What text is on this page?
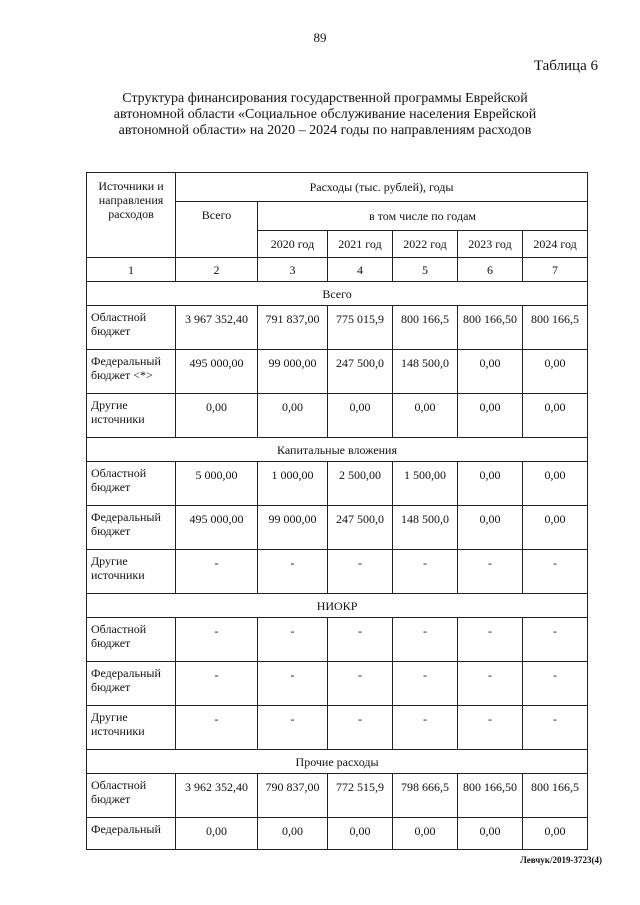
89
Таблица 6
Структура финансирования государственной программы Еврейской автономной области «Социальное обслуживание населения Еврейской автономной области» на 2020 – 2024 годы по направлениям расходов
Источники и направления расходов	Расходы (тыс. рублей), годы					
	Всего	в том числе по годам				
		2020 год	2021 год	2022 год	2023 год	2024 год
1	2	3	4	5	6	7
Всего						
Областной бюджет	3 967 352,40	791 837,00	775 015,9	800 166,5	800 166,50	800 166,5
Федеральный бюджет <*>	495 000,00	99 000,00	247 500,0	148 500,0	0,00	0,00
Другие источники	0,00	0,00	0,00	0,00	0,00	0,00
Капитальные вложения						
Областной бюджет	5 000,00	1 000,00	2 500,00	1 500,00	0,00	0,00
Федеральный бюджет	495 000,00	99 000,00	247 500,0	148 500,0	0,00	0,00
Другие источники	-	-	-	-	-	-
НИОКР						
Областной бюджет	-	-	-	-	-	-
Федеральный бюджет	-	-	-	-	-	-
Другие источники	-	-	-	-	-	-
Прочие расходы						
Областной бюджет	3 962 352,40	790 837,00	772 515,9	798 666,5	800 166,50	800 166,5
Федеральный	0,00	0,00	0,00	0,00	0,00	0,00
Левчук/2019-3723(4)
